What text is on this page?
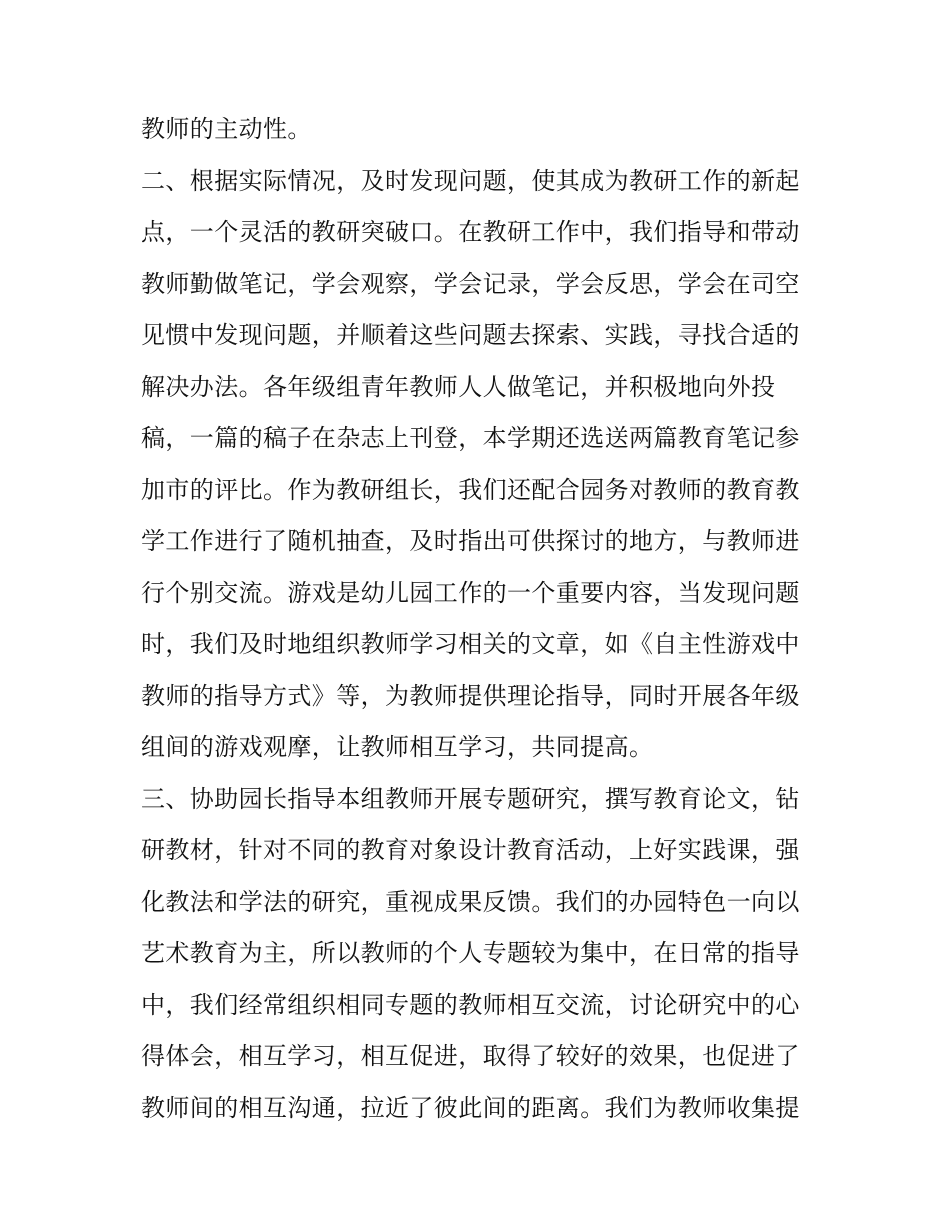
教师的主动性。
二、根据实际情况，及时发现问题，使其成为教研工作的新起
点，一个灵活的教研突破口。在教研工作中，我们指导和带动
教师勤做笔记，学会观察，学会记录，学会反思，学会在司空
见惯中发现问题，并顺着这些问题去探索、实践，寻找合适的
解决办法。各年级组青年教师人人做笔记，并积极地向外投
稿，一篇的稿子在杂志上刊登，本学期还选送两篇教育笔记参
加市的评比。作为教研组长，我们还配合园务对教师的教育教
学工作进行了随机抽查，及时指出可供探讨的地方，与教师进
行个别交流。游戏是幼儿园工作的一个重要内容，当发现问题
时，我们及时地组织教师学习相关的文章，如《自主性游戏中
教师的指导方式》等，为教师提供理论指导，同时开展各年级
组间的游戏观摩，让教师相互学习，共同提高。
三、协助园长指导本组教师开展专题研究，撰写教育论文，钻
研教材，针对不同的教育对象设计教育活动，上好实践课，强
化教法和学法的研究，重视成果反馈。我们的办园特色一向以
艺术教育为主，所以教师的个人专题较为集中，在日常的指导
中，我们经常组织相同专题的教师相互交流，讨论研究中的心
得体会，相互学习，相互促进，取得了较好的效果，也促进了
教师间的相互沟通，拉近了彼此间的距离。我们为教师收集提
